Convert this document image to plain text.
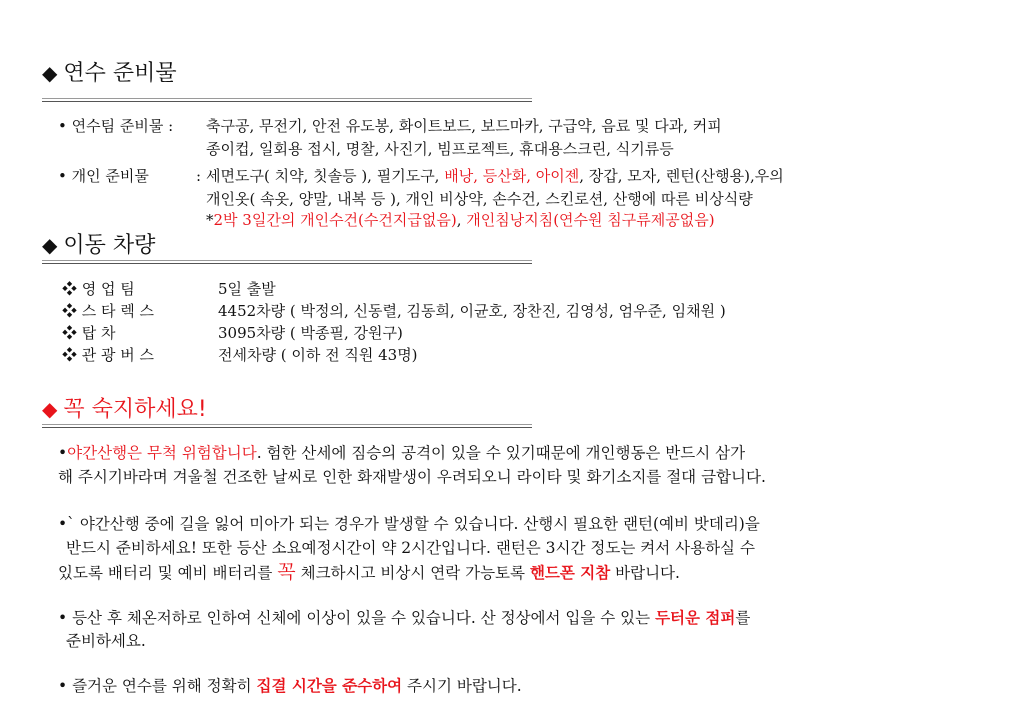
◆ 연수 준비물
• 연수팀 준비물 : 축구공, 무전기, 안전 유도봉, 화이트보드, 보드마카, 구급약, 음료 및 다과, 커피
종이컵, 일회용 접시, 명찰, 사진기, 빔프로젝트, 휴대용스크린, 식기류등
• 개인 준비물	: 세면도구( 치약, 칫솔등 ), 필기도구, 배낭, 등산화, 아이젠, 장갑, 모자, 렌턴(산행용),우의
개인옷( 속옷, 양말, 내복 등 ), 개인 비상약, 손수건, 스킨로션, 산행에 따른 비상식량
*2박 3일간의 개인수건(수건지급없음), 개인침낭지침(연수원 침구류제공없음)
◆ 이동 차량
❖ 영 업 팀	5일 출발
❖ 스 타 렉 스	4452차량 ( 박정의, 신동렬, 김동희, 이균호, 장찬진, 김영성, 엄우준, 임채원 )
❖ 탑 차	3095차량 ( 박종필, 강원구)
❖ 관 광 버 스	전세차량 ( 이하 전 직원 43명)
◆ 꼭 숙지하세요!
•야간산행은 무척 위험합니다. 험한 산세에 짐승의 공격이 있을 수 있기때문에 개인행동은 반드시 삼가
해 주시기바라며 겨울철 건조한 날씨로 인한 화재발생이 우려되오니 라이타 및 화기소지를 절대 금합니다.
•` 야간산행 중에 길을 잃어 미아가 되는 경우가 발생할 수 있습니다. 산행시 필요한 랜턴(예비 밧데리)을
반드시 준비하세요! 또한 등산 소요예정시간이 약 2시간입니다. 랜턴은 3시간 정도는 켜서 사용하실 수
있도록 배터리 및 예비 배터리를 꼭 체크하시고 비상시 연락 가능토록 핸드폰 지참 바랍니다.
• 등산 후 체온저하로 인하여 신체에 이상이 있을 수 있습니다. 산 정상에서 입을 수 있는 두터운 점퍼를
준비하세요.
• 즐거운 연수를 위해 정확히 집결 시간을 준수하여 주시기 바랍니다.
